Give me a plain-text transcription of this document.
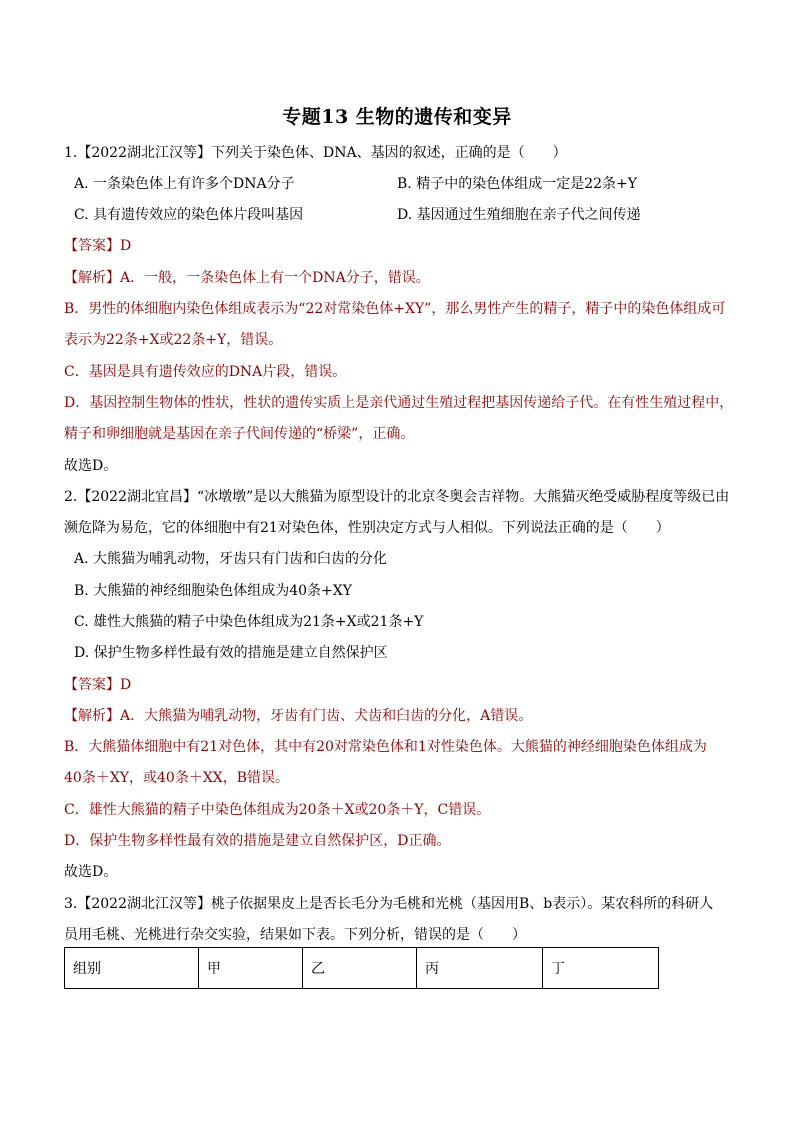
专题13 生物的遗传和变异
1.【2022湖北江汉等】下列关于染色体、DNA、基因的叙述，正确的是（　　）
A. 一条染色体上有许多个DNA分子	B. 精子中的染色体组成一定是22条+Y
C. 具有遗传效应的染色体片段叫基因	D. 基因通过生殖细胞在亲子代之间传递
【答案】D
【解析】A．一般，一条染色体上有一个DNA分子，错误。
B．男性的体细胞内染色体组成表示为“22对常染色体+XY”，那么男性产生的精子，精子中的染色体组成可
表示为22条+X或22条+Y，错误。
C．基因是具有遗传效应的DNA片段，错误。
D．基因控制生物体的性状，性状的遗传实质上是亲代通过生殖过程把基因传递给子代。在有性生殖过程中，
精子和卵细胞就是基因在亲子代间传递的“桥梁”，正确。
故选D。
2.【2022湖北宜昌】“冰墩墩”是以大熊猫为原型设计的北京冬奥会吉祥物。大熊猫灭绝受威胁程度等级已由
濒危降为易危，它的体细胞中有21对染色体，性别决定方式与人相似。下列说法正确的是（　　）
A. 大熊猫为哺乳动物，牙齿只有门齿和臼齿的分化
B. 大熊猫的神经细胞染色体组成为40条+XY
C. 雄性大熊猫的精子中染色体组成为21条+X或21条+Y
D. 保护生物多样性最有效的措施是建立自然保护区
【答案】D
【解析】A．大熊猫为哺乳动物，牙齿有门齿、犬齿和臼齿的分化，A错误。
B．大熊猫体细胞中有21对色体，其中有20对常染色体和1对性染色体。大熊猫的神经细胞染色体组成为
40条＋XY，或40条＋XX，B错误。
C．雄性大熊猫的精子中染色体组成为20条＋X或20条＋Y，C错误。
D．保护生物多样性最有效的措施是建立自然保护区，D正确。
故选D。
3.【2022湖北江汉等】桃子依据果皮上是否长毛分为毛桃和光桃（基因用B、b表示）。某农科所的科研人
员用毛桃、光桃进行杂交实验，结果如下表。下列分析，错误的是（　　）
组别	甲	乙	丙	丁
